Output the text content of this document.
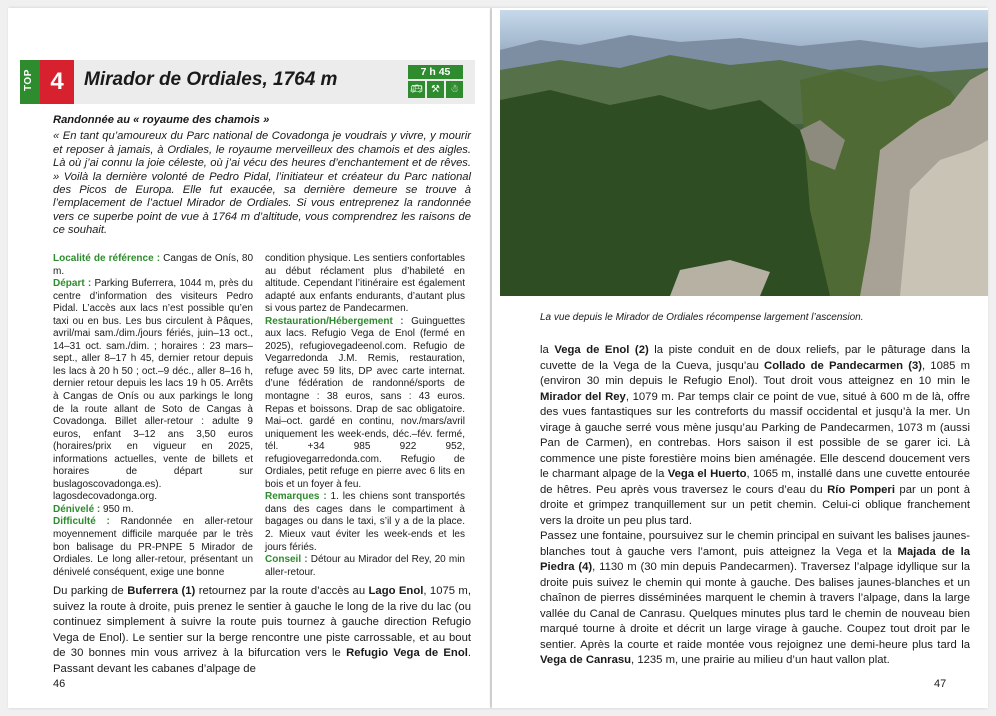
TOP 4	Mirador de Ordiales, 1764 m	7 h 45
🚌︎ ⚒	☃
Randonnée au « royaume des chamois »

« En tant qu’amoureux du Parc national de Covadonga je voudrais y vivre, y mourir et reposer à jamais, à Ordiales, le royaume merveilleux des chamois et des aigles. Là où j’ai connu la joie céleste, où j’ai vécu des heures d’enchantement et de rêves. » Voilà la dernière volonté de Pedro Pidal, l’initiateur et créateur du Parc national des Picos de Europa. Elle fut exaucée, sa dernière demeure se trouve à l’emplacement de l’actuel Mirador de Ordiales. Si vous entreprenez la randonnée vers ce superbe point de vue à 1764 m d’altitude, vous comprendrez les raisons de ce souhait.

Localité de référence : Cangas de Onís, 80 m.

Départ : Parking Buferrera, 1044 m, près du centre d’information des visiteurs Pedro Pidal. L’accès aux lacs n’est possible qu’en taxi ou en bus. Les bus circulent à Pâques, avril/mai sam./dim./jours fériés, juin–13 oct., 14–31 oct. sam./dim. ; horaires : 23 mars–sept., aller 8–17 h 45, dernier retour depuis les lacs à 20 h 50 ; oct.–9 déc., aller 8–16 h, dernier retour depuis les lacs 19 h 05. Arrêts à Cangas de Onís ou aux parkings le long de la route allant de Soto de Cangas à Covadonga. Billet aller-retour : adulte 9 euros, enfant 3–12 ans 3,50 euros (horaires/prix en vigueur en 2025, informations actuelles, vente de billets et horaires de départ sur buslagoscovadonga.es). lagosdecovadonga.org.

Dénivelé : 950 m.

Difficulté : Randonnée en aller-retour moyennement difficile marquée par le très bon balisage du PR-PNPE 5 Mirador de Ordiales. Le long aller-retour, présentant un dénivelé conséquent, exige une bonne

condition physique. Les sentiers confortables au début réclament plus d’habileté en altitude. Cependant l’itinéraire est également adapté aux enfants endurants, d’autant plus si vous partez de Pandecarmen.

Restauration/Hébergement : Guinguettes aux lacs. Refugio Vega de Enol (fermé en 2025), refugiovegadeenol.com. Refugio de Vegarredonda J.M. Remis, restauration, refuge avec 59 lits, DP avec carte internat. d’une fédération de randonné/sports de montagne : 38 euros, sans : 43 euros. Repas et boissons. Drap de sac obligatoire. Mai–oct. gardé en continu, nov./mars/avril uniquement les week-ends, déc.–fév. fermé, tél. +34 985 922 952, refugiovegarredonda.com. Refugio de Ordiales, petit refuge en pierre avec 6 lits en bois et un foyer à feu.

Remarques : 1. les chiens sont transportés dans des cages dans le compartiment à bagages ou dans le taxi, s’il y a de la place. 2. Mieux vaut éviter les week-ends et les jours fériés.

Conseil : Détour au Mirador del Rey, 20 min aller-retour.

Du parking de Buferrera (1) retournez par la route d’accès au Lago Enol, 1075 m, suivez la route à droite, puis prenez le sentier à gauche le long de la rive du lac (ou continuez simplement à suivre la route puis tournez à gauche direction Refugio Vega de Enol). Le sentier sur la berge rencontre une piste carrossable, et au bout de 30 bonnes min vous arrivez à la bifurcation vers le Refugio Vega de Enol. Passant devant les cabanes d’alpage de

46
La vue depuis le Mirador de Ordiales récompense largement l’ascension.

la Vega de Enol (2) la piste conduit en de doux reliefs, par le pâturage dans la cuvette de la Vega de la Cueva, jusqu’au Collado de Pandecarmen (3), 1085 m (environ 30 min depuis le Refugio Enol). Tout droit vous atteignez en 10 min le Mirador del Rey, 1079 m. Par temps clair ce point de vue, situé à 600 m de là, offre des vues fantastiques sur les contreforts du massif occidental et jusqu’à la mer. Un virage à gauche serré vous mène jusqu’au Parking de Pandecarmen, 1073 m (aussi Pan de Carmen), en contrebas. Hors saison il est possible de se garer ici. Là commence une piste forestière moins bien aménagée. Elle descend doucement vers le charmant alpage de la Vega el Huerto, 1065 m, installé dans une cuvette entourée de hêtres. Peu après vous traversez le cours d’eau du Río Pomperi par un pont à droite et grimpez tranquillement sur un petit chemin. Celui-ci oblique franchement vers la droite un peu plus tard.

Passez une fontaine, poursuivez sur le chemin principal en suivant les balises jaunes-blanches tout à gauche vers l’amont, puis atteignez la Vega et la Majada de la Piedra (4), 1130 m (30 min depuis Pandecarmen). Traversez l’alpage idyllique sur la droite puis suivez le chemin qui monte à gauche. Des balises jaunes-blanches et un chaînon de pierres disséminées marquent le chemin à travers l’alpage, dans la large vallée du Canal de Canrasu. Quelques minutes plus tard le chemin de nouveau bien marqué tourne à droite et décrit un large virage à gauche. Coupez tout droit par le sentier. Après la courte et raide montée vous rejoignez une demi-heure plus tard la Vega de Canrasu, 1235 m, une prairie au milieu d’un haut vallon plat.

47
